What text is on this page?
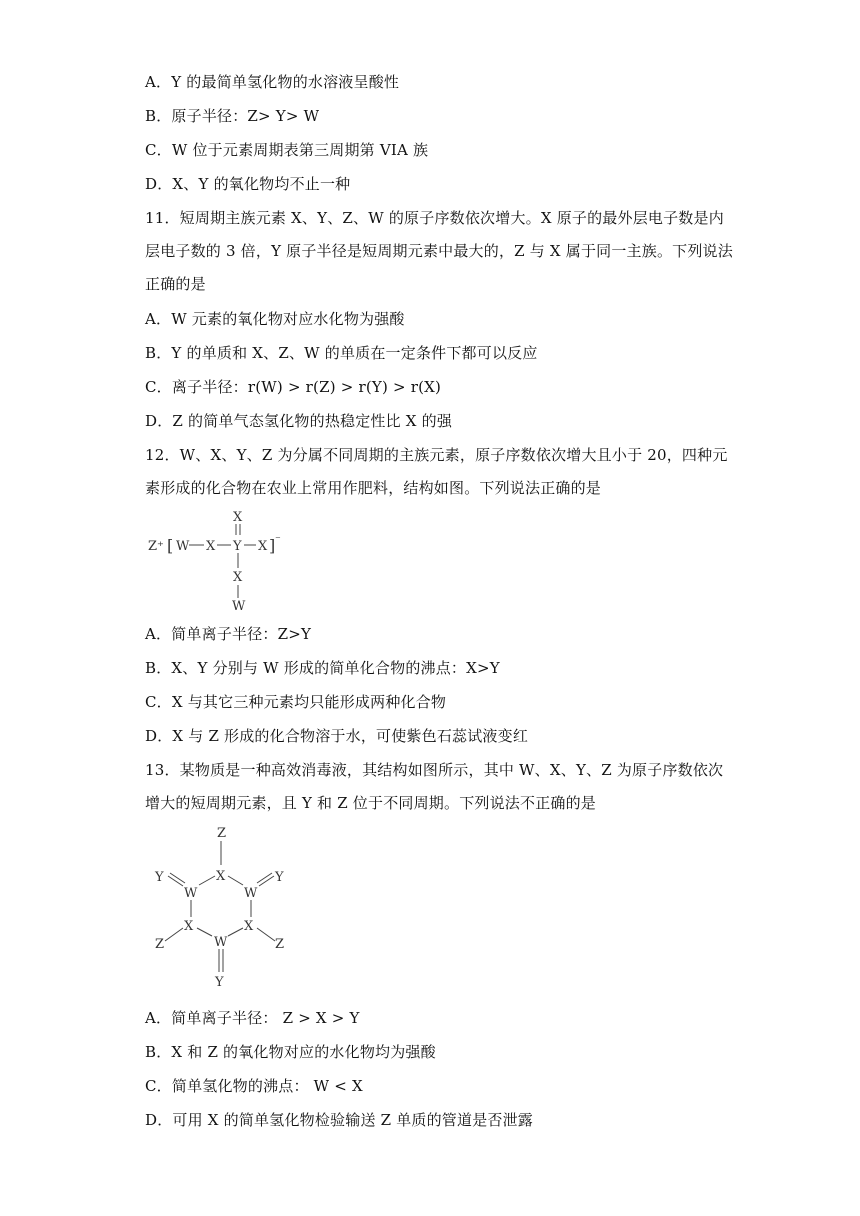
A．Y 的最简单氢化物的水溶液呈酸性
B．原子半径：Z> Y> W
C．W 位于元素周期表第三周期第 VIA 族
D．X、Y 的氧化物均不止一种
11．短周期主族元素 X、Y、Z、W 的原子序数依次增大。X 原子的最外层电子数是内
层电子数的 3 倍，Y 原子半径是短周期元素中最大的，Z 与 X 属于同一主族。下列说法
正确的是
A．W 元素的氧化物对应水化物为强酸
B．Y 的单质和 X、Z、W 的单质在一定条件下都可以反应
C．离子半径：r(W) > r(Z) > r(Y) > r(X)
D．Z 的简单气态氢化物的热稳定性比 X 的强
12．W、X、Y、Z 为分属不同周期的主族元素，原子序数依次增大且小于 20，四种元
素形成的化合物在农业上常用作肥料，结构如图。下列说法正确的是
Z⁺ [ W X Y X ] ⁻
X
X
W
A．简单离子半径：Z>Y
B．X、Y 分别与 W 形成的简单化合物的沸点：X>Y
C．X 与其它三种元素均只能形成两种化合物
D．X 与 Z 形成的化合物溶于水，可使紫色石蕊试液变红
13．某物质是一种高效消毒液，其结构如图所示，其中 W、X、Y、Z 为原子序数依次
增大的短周期元素，且 Y 和 Z 位于不同周期。下列说法不正确的是
Z
X
W	W
Y	Y
X	X
W
Z	Z
Y
A．简单离子半径： Z > X > Y
B．X 和 Z 的氧化物对应的水化物均为强酸
C．简单氢化物的沸点： W < X
D．可用 X 的简单氢化物检验输送 Z 单质的管道是否泄露
